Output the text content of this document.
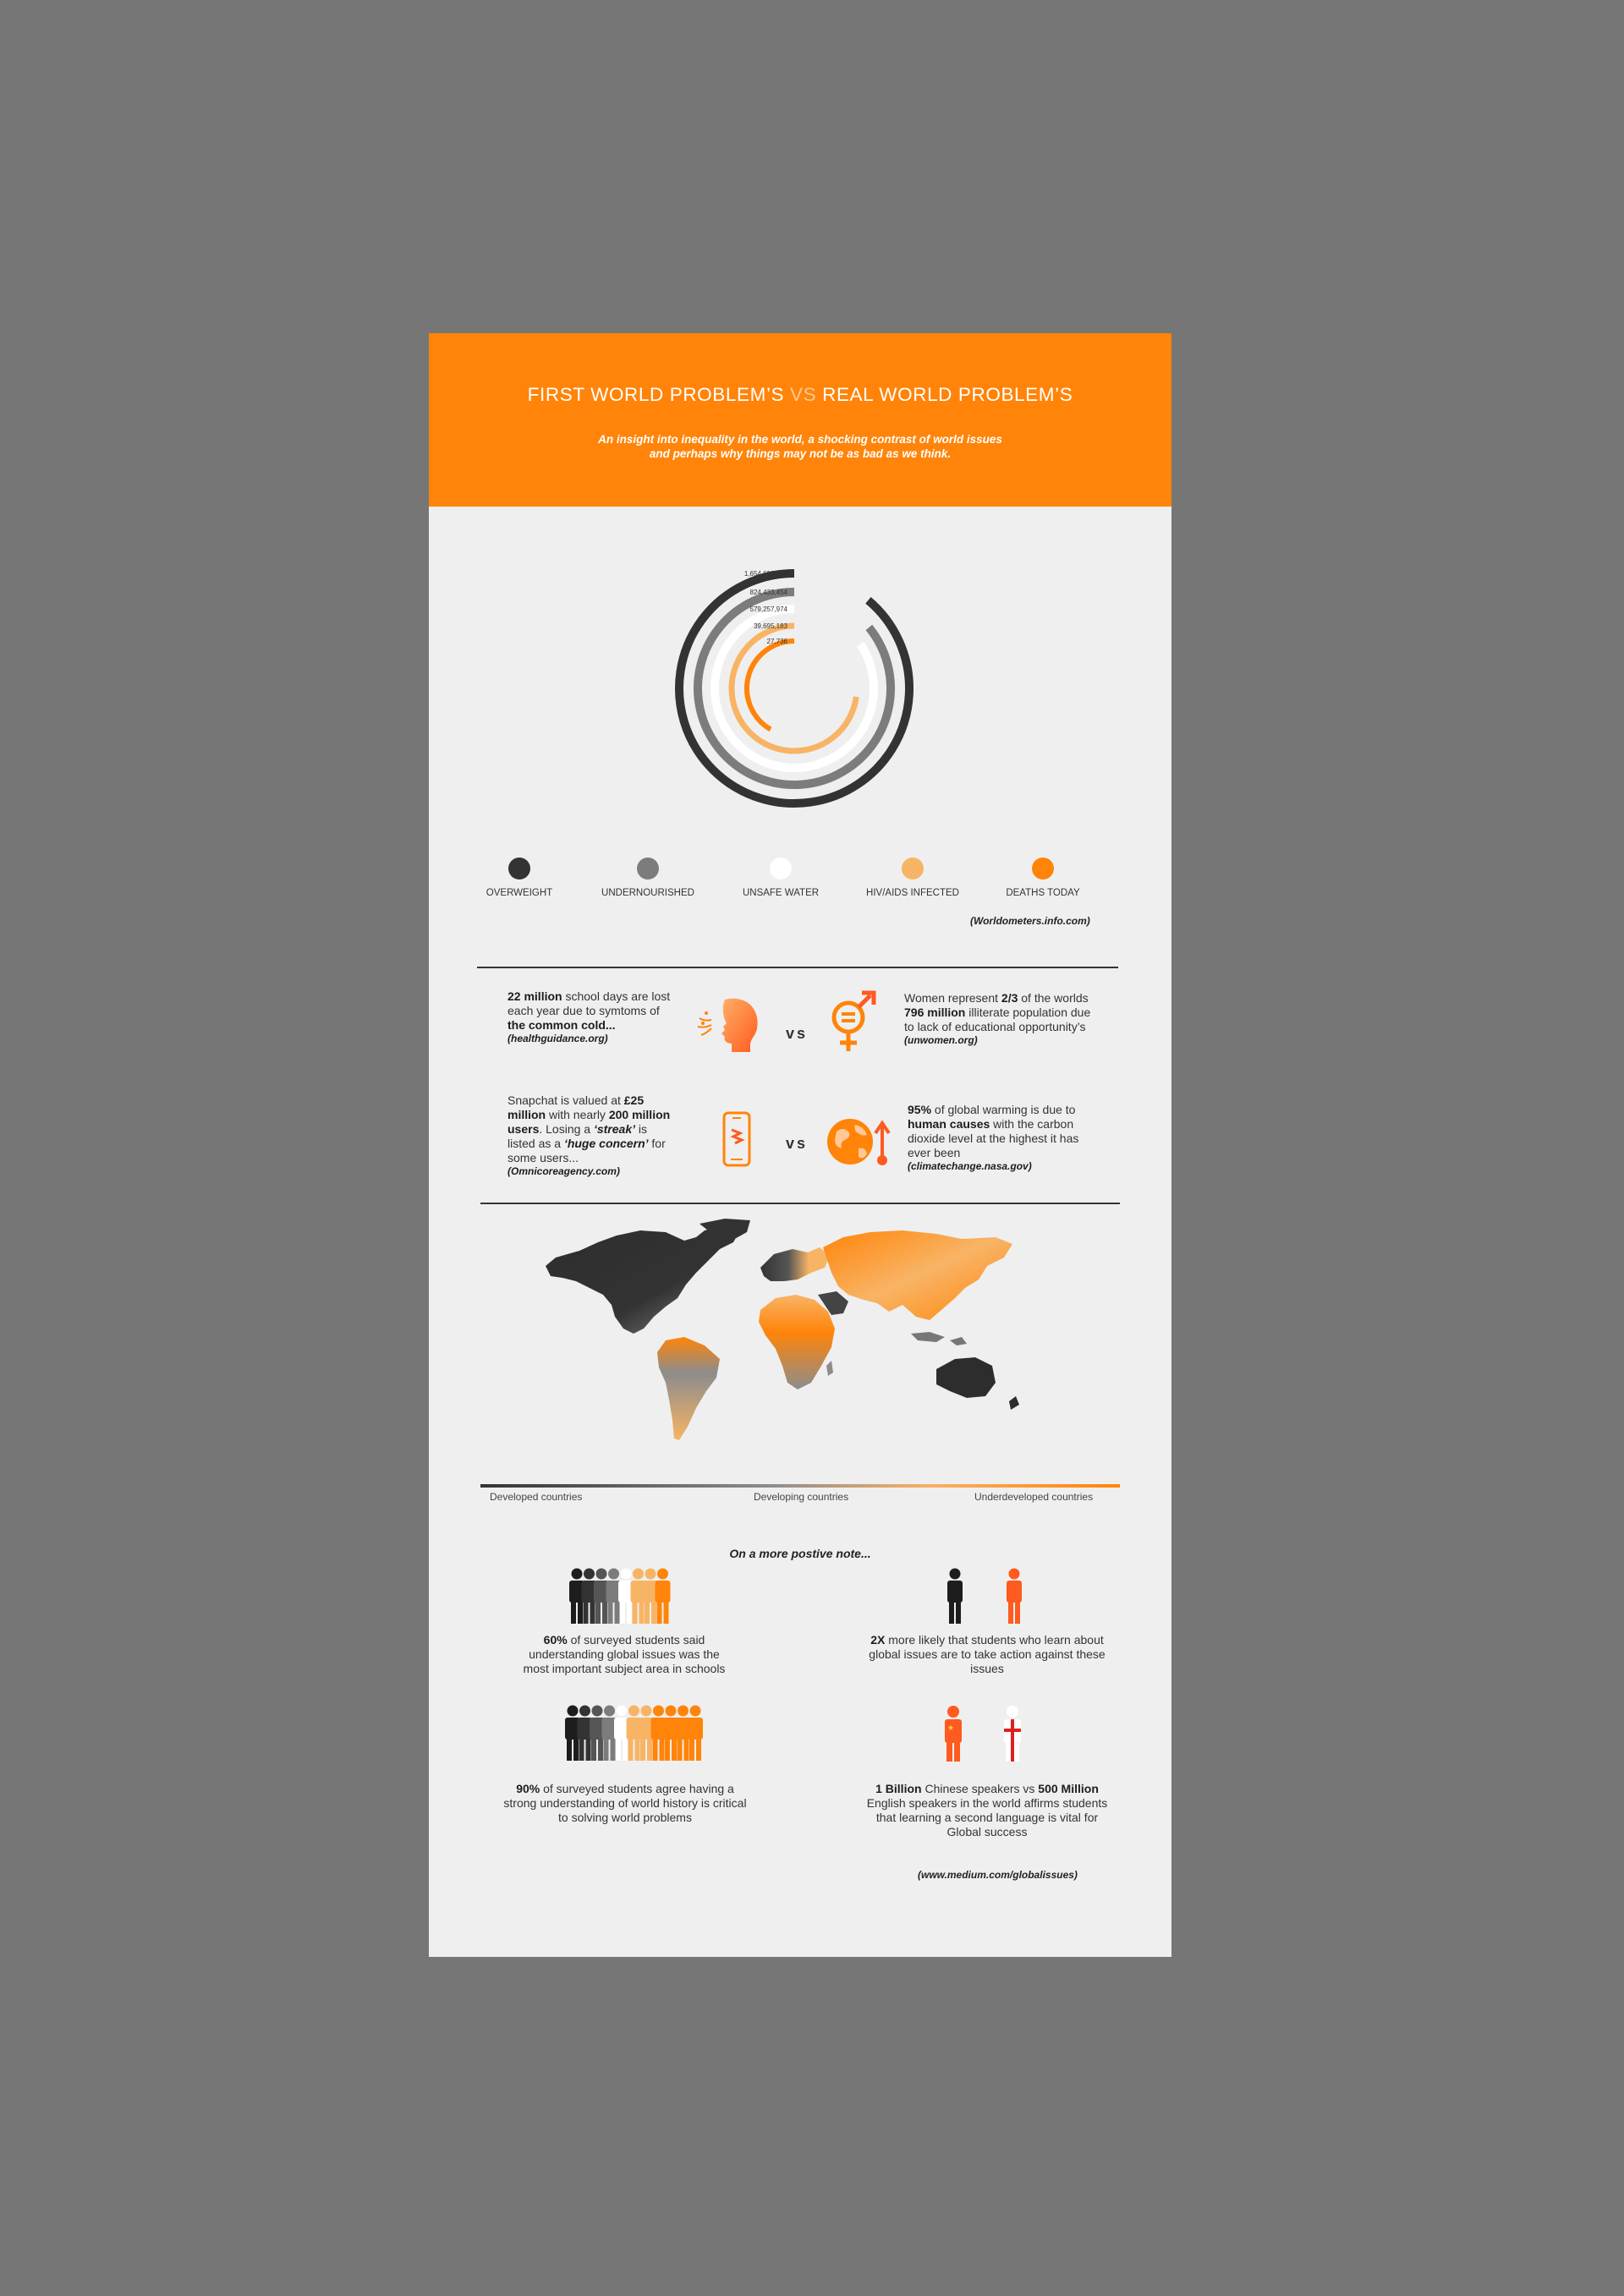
FIRST WORLD PROBLEM’S VS REAL WORLD PROBLEM’S
An insight into inequality in the world, a shocking contrast of world issues
and perhaps why things may not be as bad as we think.
1,654,603,261
824,433,454
579,257,974
39,695,183
27,736
OVERWEIGHT	UNDERNOURISHED	UNSAFE WATER	HIV/AIDS INFECTED	DEATHS TODAY
(Worldometers.info.com)
22 million school days are lost each year due to symtoms of the common cold...
(healthguidance.org)	vs
Women represent 2/3 of the worlds 796 million illiterate population due to lack of educational opportunity’s
(unwomen.org)
Snapchat is valued at £25 million with nearly 200 million users. Losing a ‘streak’ is listed as a ‘huge concern’ for some users...
(Omnicoreagency.com)
vs
95% of global warming is due to human causes with the carbon dioxide level at the highest it has ever been
(climatechange.nasa.gov)
Developed countries	Developing countries	Underdeveloped countries
On a more postive note...
60% of surveyed students said understanding global issues was the most important subject area in schools
2X more likely that students who learn about global issues are to take action against these issues
90% of surveyed students agree having a strong understanding of world history is critical to solving world problems
★
1 Billion Chinese speakers vs 500 Million English speakers in the world affirms students that learning a second language is vital for Global success
(www.medium.com/globalissues)
